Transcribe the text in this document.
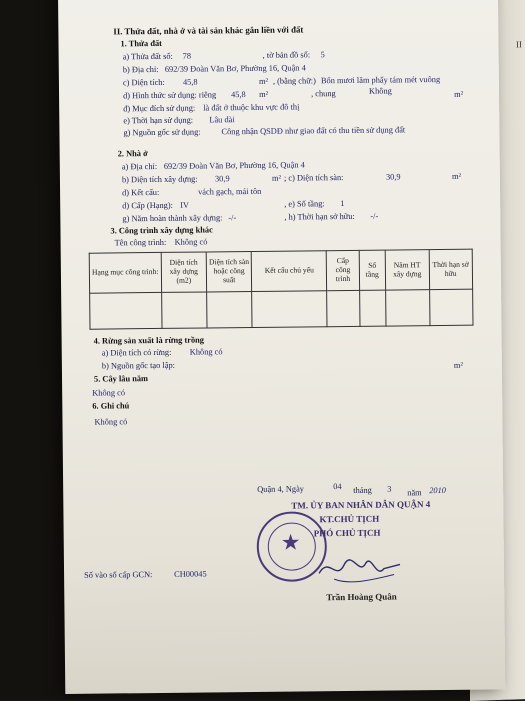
II
II. Thửa đất, nhà ở và tài sản khác gắn liền với đất
1. Thửa đất
a) Thửa đất số: 78	, tờ bản đồ số: 5
b) Địa chỉ: 692/39 Đoàn Văn Bơ, Phường 16, Quận 4
c) Diện tích: 45,8	m² , (bằng chữ:) Bốn mươi lăm phẩy tám mét vuông
d) Hình thức sử dụng: riêng 45,8 m²	, chung	Không	m²
đ) Mục đích sử dụng: là đất ở thuộc khu vực đô thị
e) Thời hạn sử dụng: Lâu dài
g) Nguồn gốc sử dụng: Công nhận QSDĐ như giao đất có thu tiền sử dụng đất
2. Nhà ở
a) Địa chỉ: 692/39 Đoàn Văn Bơ, Phường 16, Quận 4
b) Diện tích xây dựng: 30,9	m² ; c) Diện tích sàn:	30,9	m²
d) Kết cấu:	vách gạch, mái tôn
d) Cấp (Hạng): IV	, e) Số tầng: 1
g) Năm hoàn thành xây dựng: -/-	, h) Thời hạn sở hữu: -/-
3. Công trình xây dựng khác
Tên công trình: Không có
Hạng mục công trình:	Diện tích xây dựng (m2)	Diện tích sàn hoặc công suất	Kết cấu chủ yếu	Cấp công trình	Số tầng	Năm HT xây dựng	Thời hạn sở hữu

4. Rừng sản xuất là rừng trồng
a) Diện tích có rừng: Không có
b) Nguồn gốc tạo lập:	m²
5. Cây lâu năm
Không có
6. Ghi chú
Không có
Quận 4, Ngày	04 tháng 3 năm 2010
★
TM. ỦY BAN NHÂN DÂN QUẬN 4
KT.CHỦ TỊCH
PHÓ CHỦ TỊCH
Trần Hoàng Quân
Số vào sổ cấp GCN:	CH00045
